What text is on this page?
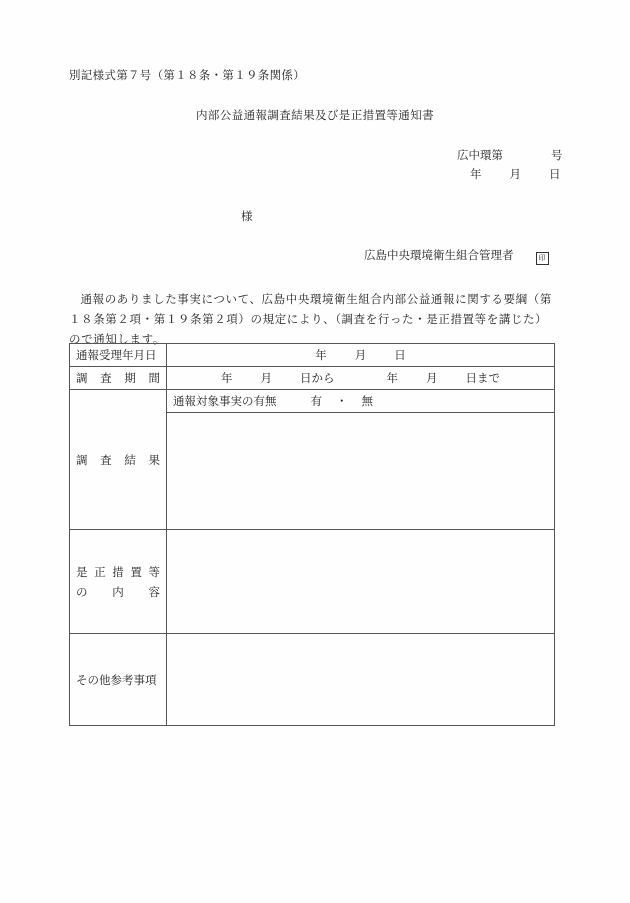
別記様式第７号（第１８条・第１９条関係）
内部公益通報調査結果及び是正措置等通知書
広中環第	号
年 月 日
様
広島中央環境衛生組合管理者	印
通報のありました事実について、広島中央環境衛生組合内部公益通報に関する要綱（第１８条第２項・第１９条第２項）の規定により、（調査を行った・是正措置等を講じた）ので通知します。
通報受理年月日	年 月 日

調 査 期 間	年 月 日から 年 月 日まで

調 査 結 果	通報対象事実の有無 有 ・ 無

是 正 措 置 等
の 内 容

その他参考事項	
